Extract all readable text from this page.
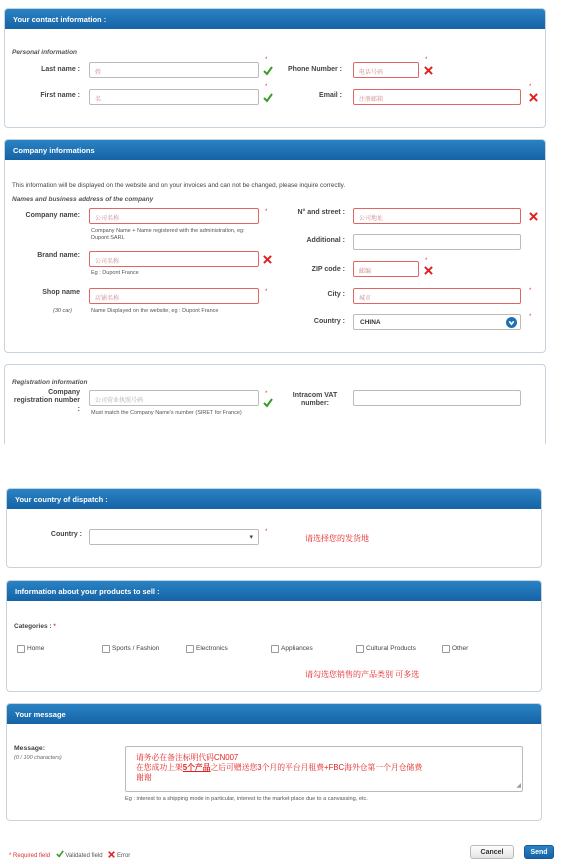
Your contact information :
Personal information
Last name :	姓
*
First name :
名
*
Phone Number :	电话号码
*
Email :
注册邮箱
*
Company informations
This information will be displayed on the website and on your invoices and can not be changed, please inquire correctly.
Names and business address of the company
Company name:	公司名称
*
Company Name + Name registered with the administration, eg: Dupont SARL
Brand name:
公司名称
Eg : Dupont France
Shop name
店铺名称
*
(30 car)	Name Displayed on the website, eg : Dupont France
N° and street :
公司地址
Additional :
ZIP code :	邮编
*
City :
城市
*
Country : CHINA
*
Registration information
Company registration number :
公司营业执照号码
*
Must match the Company Name's number (SIRET for France)
Intracom VAT number:
Your country of dispatch :
Country :	▾
*
请选择您的发货地
Information about your products to sell :
Categories : *
Home	Sports / Fashion	Electronics	Appliances	Cultural Products	Other
请勾选您销售的产品类别 可多选
Your message
Message:
(0 / 100 characters)	请务必在备注标明代码CN007
在您成功上架5个产品之后可赠送您3个月的平台月租费+FBC海外仓第一个月仓储费
谢谢
◢
Eg : interest to a shipping mode in particular, interest to the market place due to a canvassing, etc.
* Required field	Validated field Error	Cancel	Send
